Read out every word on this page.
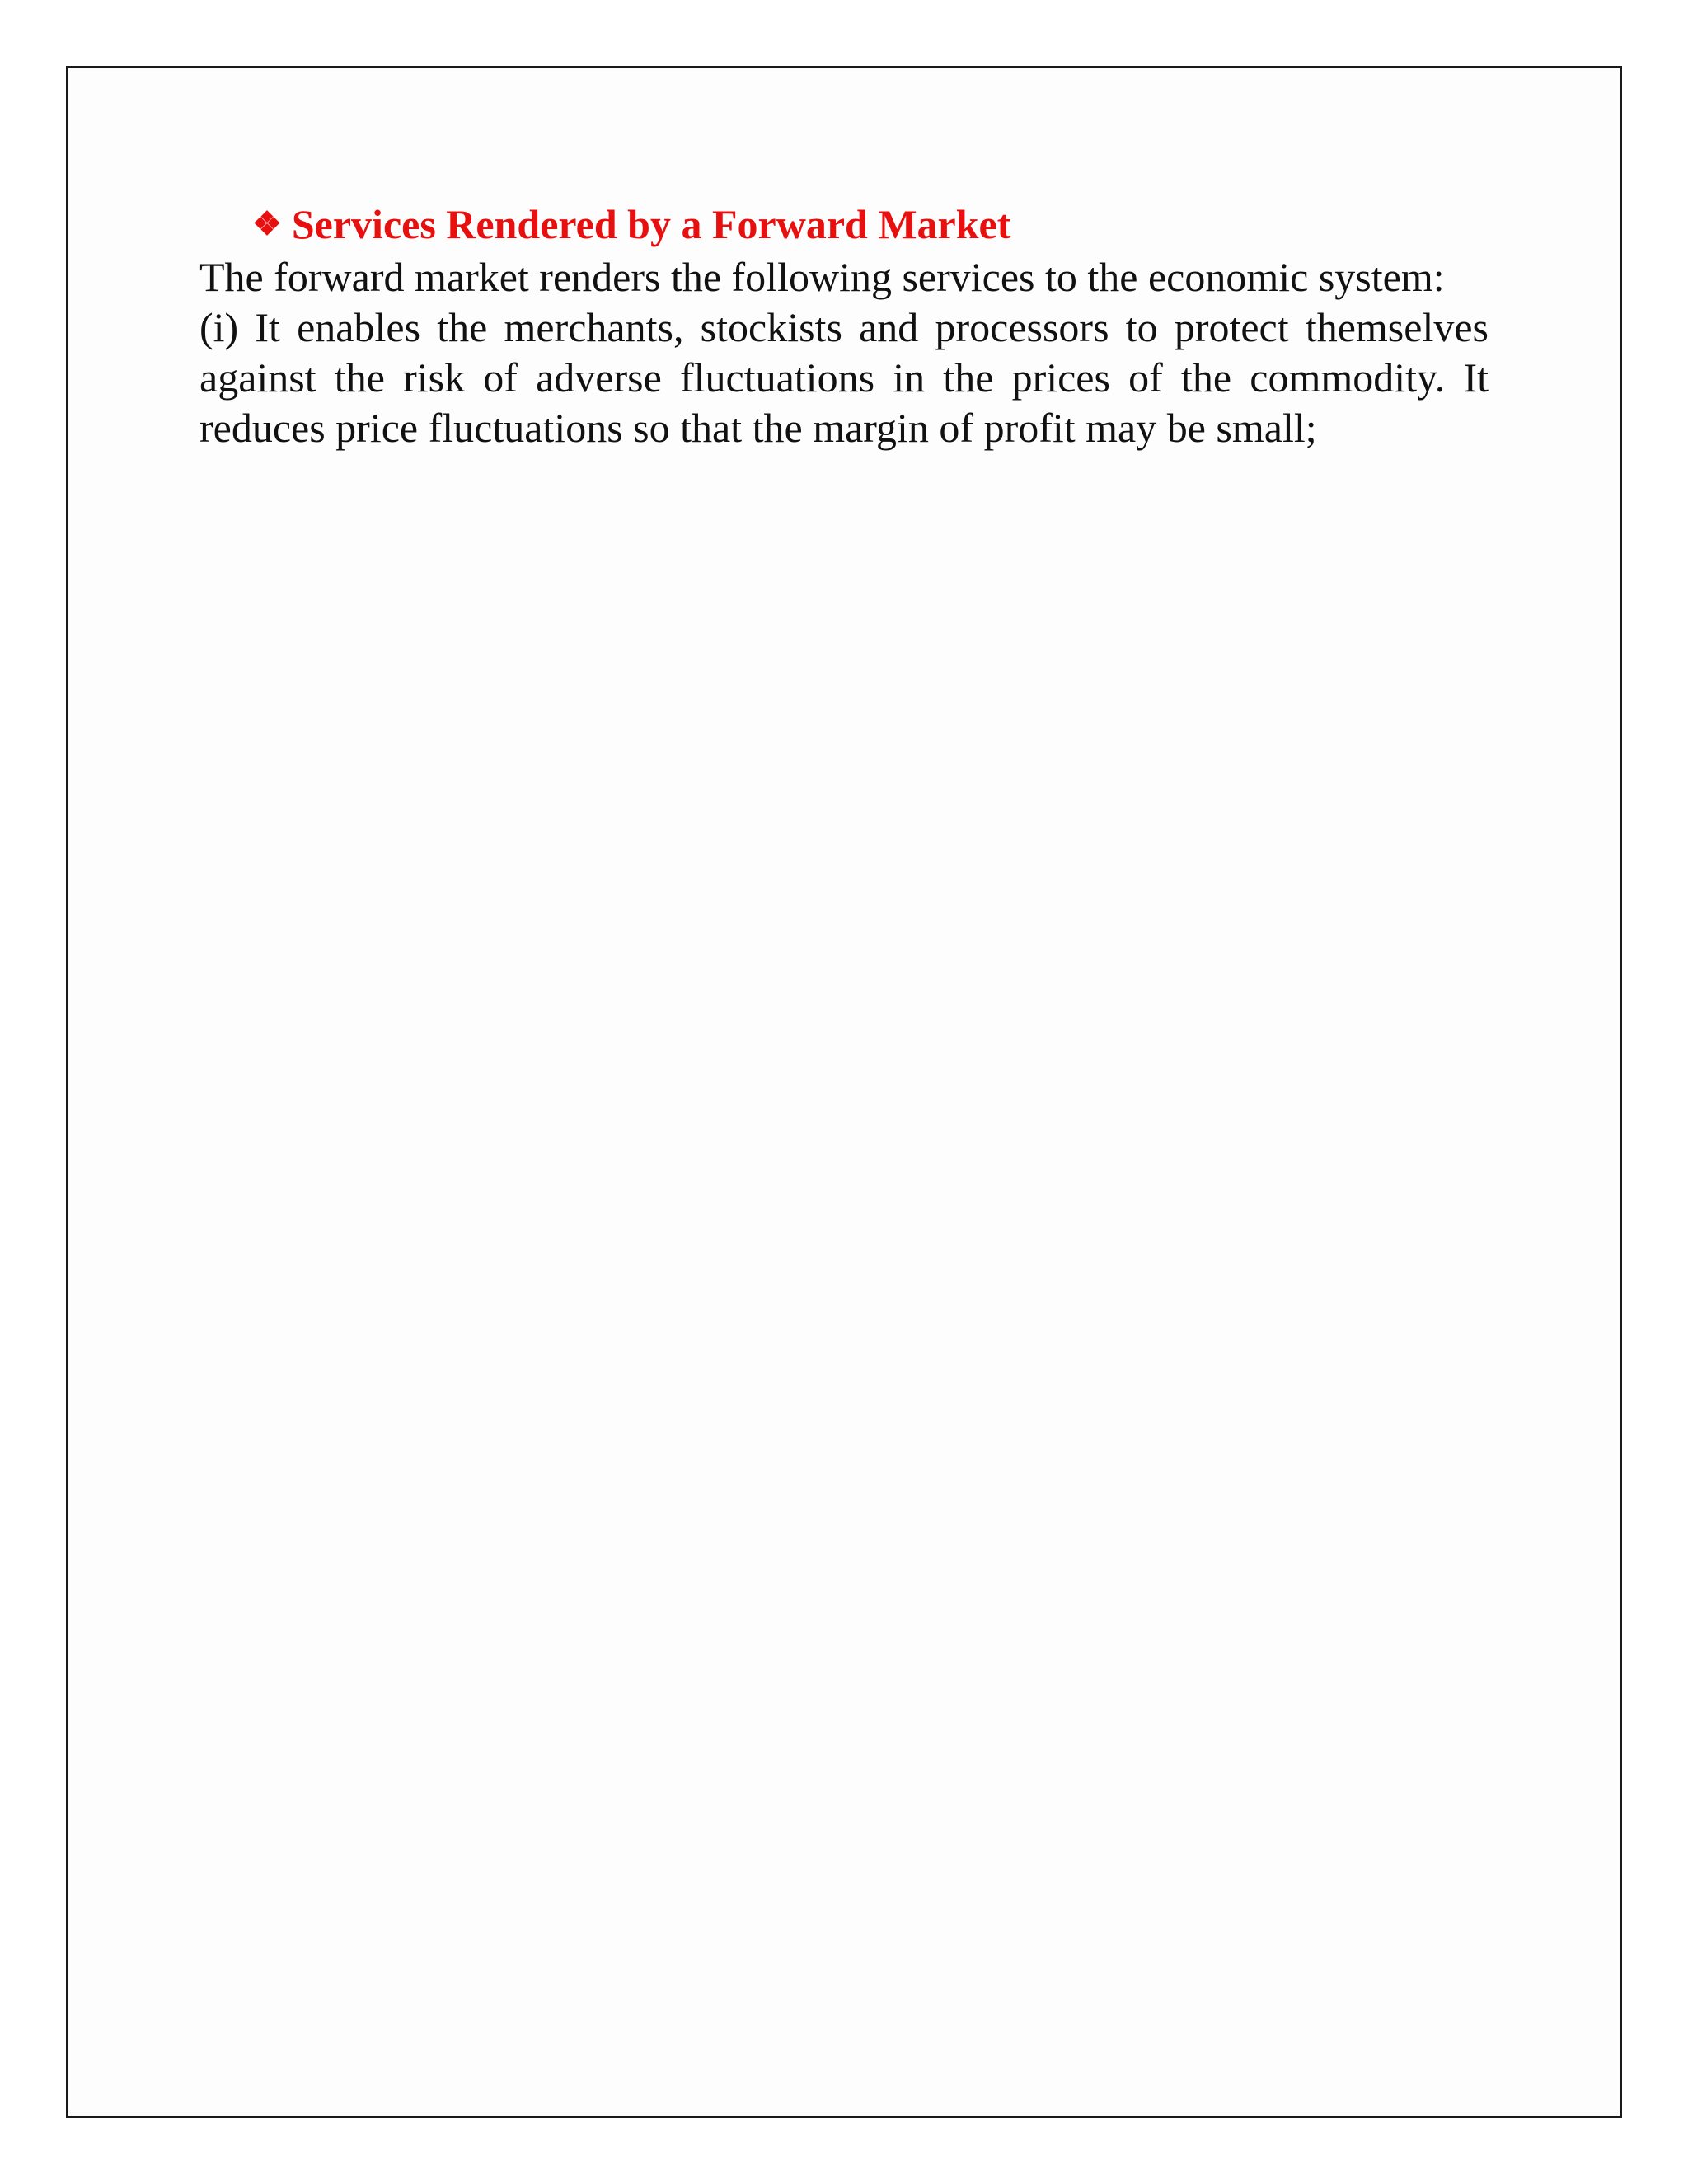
❖ Services Rendered by a Forward Market

The forward market renders the following services to the economic system:

(i) It enables the merchants, stockists and processors to protect themselves against the risk of adverse fluctuations in the prices of the commodity. It reduces price fluctuations so that the margin of profit may be small;
